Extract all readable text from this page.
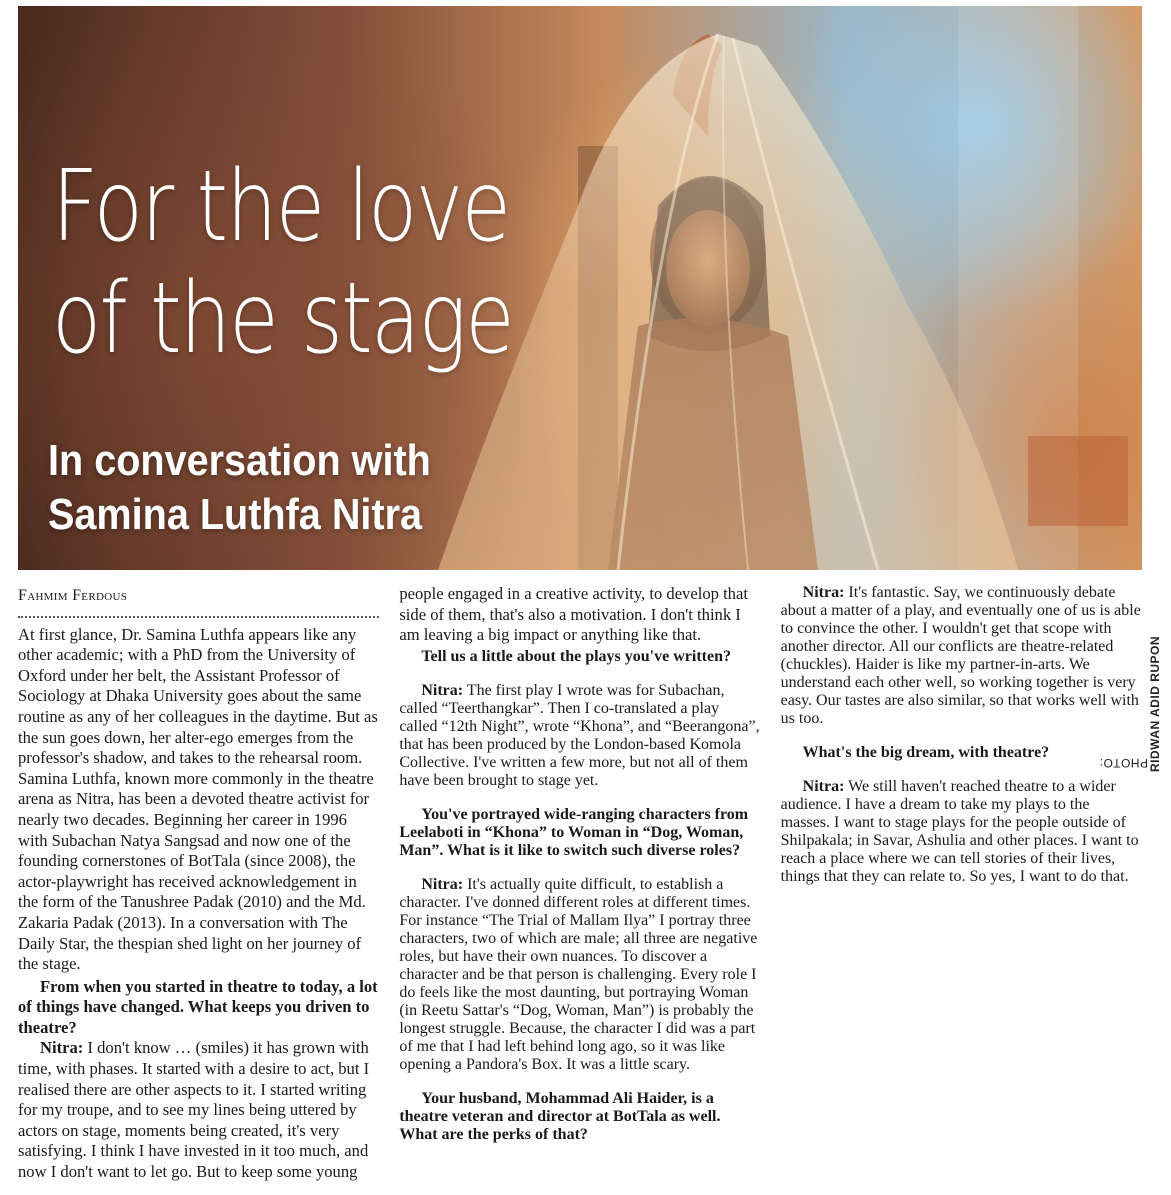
For the love
of the stage
In conversation with
Samina Luthfa Nitra
PHOTO: RIDWAN ADID RUPON

Fahmim Ferdous

At first glance, Dr. Samina Luthfa appears like any other academic; with a PhD from the University of Oxford under her belt, the Assistant Professor of Sociology at Dhaka University goes about the same routine as any of her colleagues in the daytime. But as the sun goes down, her alter-ego emerges from the professor's shadow, and takes to the rehearsal room. Samina Luthfa, known more commonly in the theatre arena as Nitra, has been a devoted theatre activist for nearly two decades. Beginning her career in 1996 with Subachan Natya Sangsad and now one of the founding cornerstones of BotTala (since 2008), the actor-playwright has received acknowledgement in the form of the Tanushree Padak (2010) and the Md. Zakaria Padak (2013). In a conversation with The Daily Star, the thespian shed light on her journey of the stage.

From when you started in theatre to today, a lot of things have changed. What keeps you driven to theatre?

Nitra: I don't know … (smiles) it has grown with time, with phases. It started with a desire to act, but I realised there are other aspects to it. I started writing for my troupe, and to see my lines being uttered by actors on stage, moments being created, it's very satisfying. I think I have invested in it too much, and now I don't want to let go. But to keep some young people engaged in a creative activity, to develop that side of them, that's also a motivation. I don't think I am leaving a big impact or anything like that.

Tell us a little about the plays you've written?

Nitra: The first play I wrote was for Subachan, called “Teerthangkar”. Then I co-translated a play called “12th Night”, wrote “Khona”, and “Beerangona”, that has been produced by the London-based Komola Collective. I've written a few more, but not all of them have been brought to stage yet.

You've portrayed wide-ranging characters from Leelaboti in “Khona” to Woman in “Dog, Woman, Man”. What is it like to switch such diverse roles?

Nitra: It's actually quite difficult, to establish a character. I've donned different roles at different times. For instance “The Trial of Mallam Ilya” I portray three characters, two of which are male; all three are negative roles, but have their own nuances. To discover a character and be that person is challenging. Every role I do feels like the most daunting, but portraying Woman (in Reetu Sattar's “Dog, Woman, Man”) is probably the longest struggle. Because, the character I did was a part of me that I had left behind long ago, so it was like opening a Pandora's Box. It was a little scary.

Your husband, Mohammad Ali Haider, is a theatre veteran and director at BotTala as well. What are the perks of that?

Nitra: It's fantastic. Say, we continuously debate about a matter of a play, and eventually one of us is able to convince the other. I wouldn't get that scope with another director. All our conflicts are theatre-related (chuckles). Haider is like my partner-in-arts. We understand each other well, so working together is very easy. Our tastes are also similar, so that works well with us too.

What's the big dream, with theatre?

Nitra: We still haven't reached theatre to a wider audience. I have a dream to take my plays to the masses. I want to stage plays for the people outside of Shilpakala; in Savar, Ashulia and other places. I want to reach a place where we can tell stories of their lives, things that they can relate to. So yes, I want to do that.
